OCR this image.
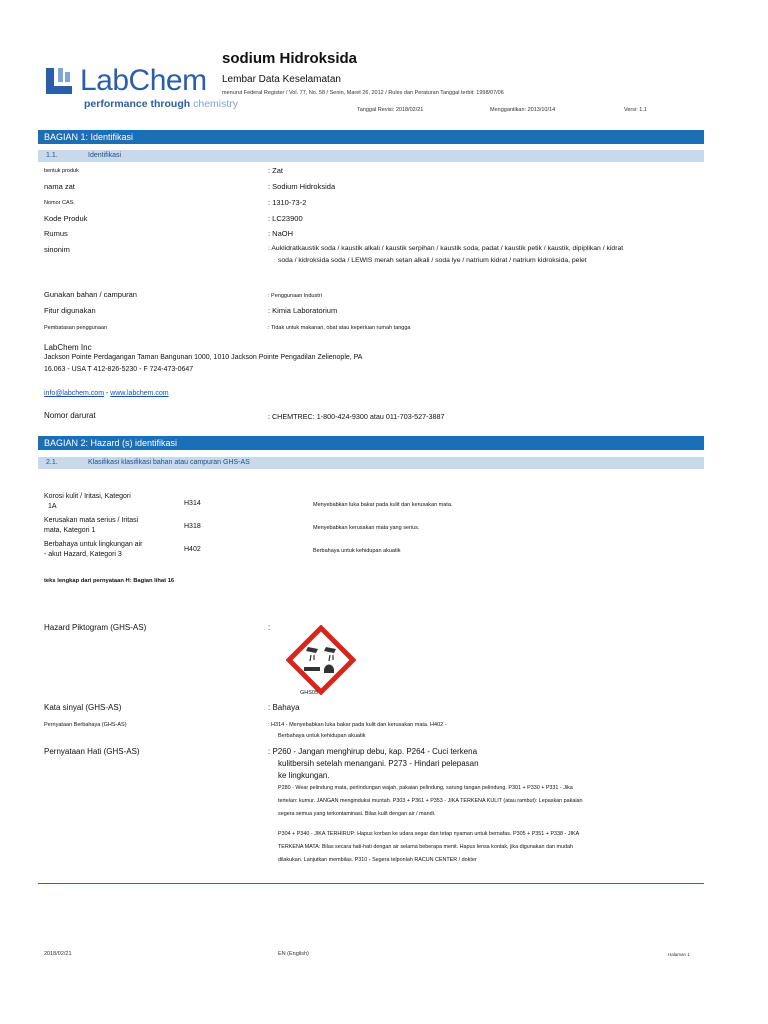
LabChem
performance through chemistry
sodium Hidroksida
Lembar Data Keselamatan
menurut Federal Register / Vol. 77, No. 58 / Senin, Maret 26, 2012 / Rules dan Peraturan Tanggal terbit: 1998/07/06
Tanggal Revisi: 2018/02/21	Menggantikan: 2013/10/14	Versi: 1.1
BAGIAN 1: Identifikasi
1.1.	Identifikasi
bentuk produk	: Zat
nama zat	: Sodium Hidroksida
Nomor CAS.	: 1310-73-2
Kode Produk	: LC23900
Rumus	: NaOH
sinonim	: Auklidratkaustik soda / kaustik alkali / kaustik serpihan / kaustik soda, padat / kaustik petik / kaustik, dipiplikan / kidrat
soda / kidroksida soda / LEWIS merah setan alkali / soda lye / natrium kidrat / natrium kidroksida, pelet
Gunakan bahan / campuran	: Penggunaan Industri
Fitur digunakan	: Kimia Laboratorium
Pembatasan penggunaan	: Tidak untuk makanan, obat atau keperluan rumah tangga
LabChem Inc
Jackson Pointe Perdagangan Taman Bangunan 1000, 1010 Jackson Pointe Pengadilan Zelienople, PA
16.063 - USA T 412-826-5230 - F 724-473-0647
info@labchem.com - www.labchem.com
Nomor darurat	: CHEMTREC: 1-800-424-9300 atau 011-703-527-3887
BAGIAN 2: Hazard (s) identifikasi
2.1.	Klasifikasi klasifikasi bahan atau campuran GHS-AS
Korosi kulit / Iritasi, Kategori
1A	H314	Menyebabkan luka bakar pada kulit dan kerusakan mata.
Kerusakan mata serius / Iritasi
mata, Kategori 1
H318	Menyebabkan kerusakan mata yang serius.
Berbahaya untuk lingkungan air
- akut Hazard, Kategori 3
H402	Berbahaya untuk kehidupan akuatik
teks lengkap dari pernyataan H: Bagian lihat 16
Hazard Piktogram (GHS-AS)	:
GHS05
Kata sinyal (GHS-AS)	: Bahaya
Pernyataan Berbahaya (GHS-AS)	: H314 - Menyebabkan luka bakar pada kulit dan kerusakan mata. H402 -
Berbahaya untuk kehidupan akuatik
Pernyataan Hati (GHS-AS)	: P260 - Jangan menghirup debu, kap. P264 - Cuci terkena
kulitbersih setelah menangani. P273 - Hindari pelepasan
ke lingkungan.
P280 - Wear pelindung mata, perlindungan wajah, pakaian pelindung, sarung tangan pelindung. P301 + P330 + P331 - Jika
tertelan: kumur. JANGAN menginduksi muntah. P303 + P361 + P353 - JIKA TERKENA KULIT (atau rambut): Lepaskan pakaian
segera semua yang terkontaminasi. Bilas kulit dengan air / mandi.
P304 + P340 - JIKA TERHIRUP: Hapus korban ke udara segar dan tetap nyaman untuk bernafas. P305 + P351 + P338 - JIKA
TERKENA MATA: Bilas secara hati-hati dengan air selama beberapa menit. Hapus lensa kontak, jika digunakan dan mudah
dilakukan. Lanjutkan membilas. P310 - Segera telponlah RACUN CENTER / dokter
2018/02/21	EN (English)	Halaman 1
